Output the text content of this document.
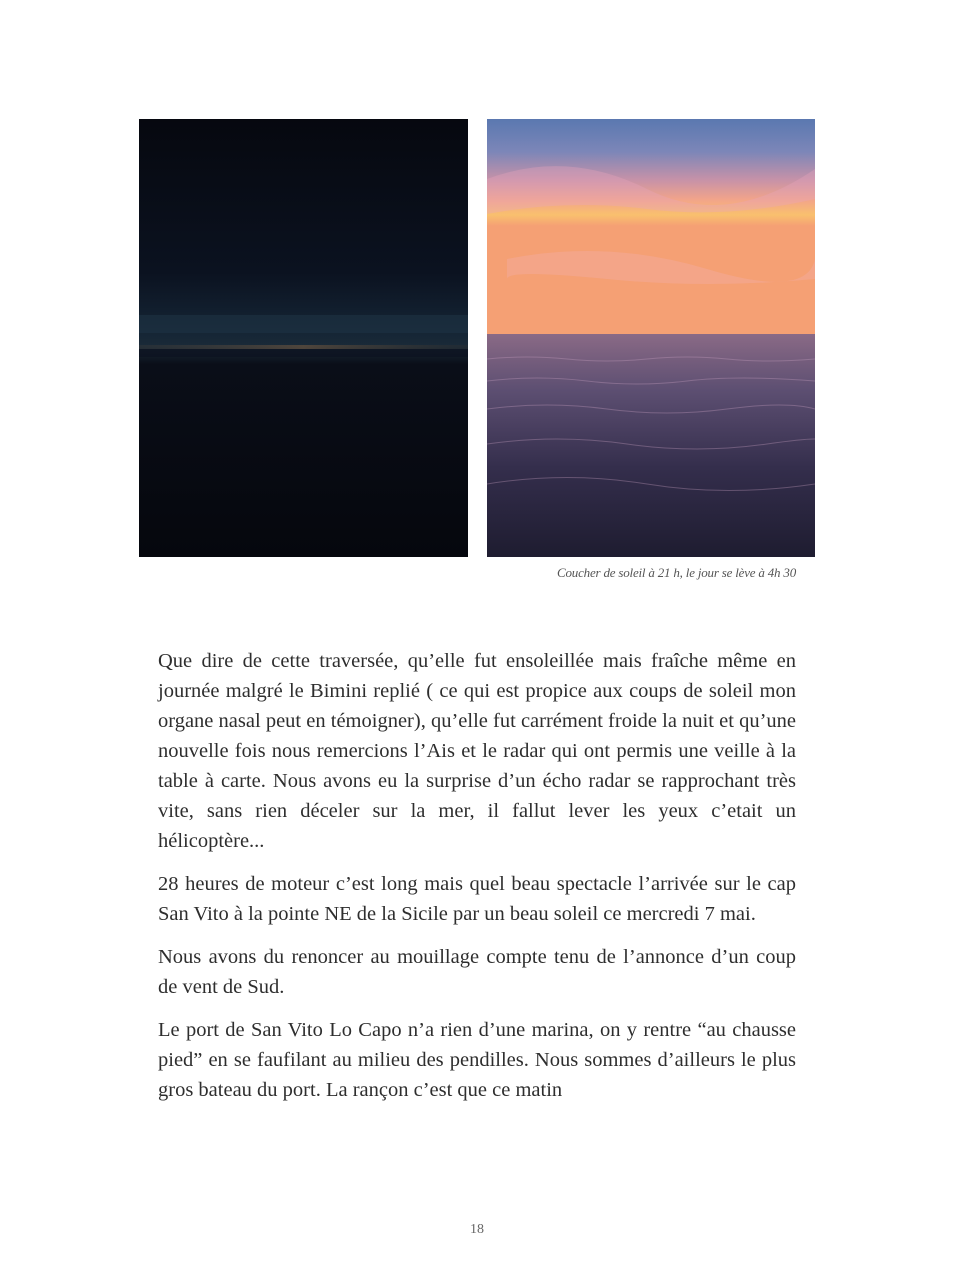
Coucher de soleil à 21 h, le jour se lève à 4h 30

Que dire de cette traversée, qu’elle fut ensoleillée mais fraîche même en journée malgré le Bimini replié ( ce qui est propice aux coups de soleil mon organe nasal peut en témoigner), qu’elle fut carrément froide la nuit et qu’une nouvelle fois nous remercions l’Ais et le radar qui ont permis une veille à la table à carte. Nous avons eu la surprise d’un écho radar se rapprochant très vite, sans rien déceler sur la mer, il fallut lever les yeux c’etait un hélicoptère...

28 heures de moteur c’est long mais quel beau spectacle l’arrivée sur le cap San Vito à la pointe NE de la Sicile par un beau soleil ce mercredi 7 mai.

Nous avons du renoncer au mouillage compte tenu de l’annonce d’un coup de vent de Sud.

Le port de San Vito Lo Capo n’a rien d’une marina, on y rentre “au chausse pied” en se faufilant au milieu des pendilles. Nous sommes d’ailleurs le plus gros bateau du port. La rançon c’est que ce matin

18
